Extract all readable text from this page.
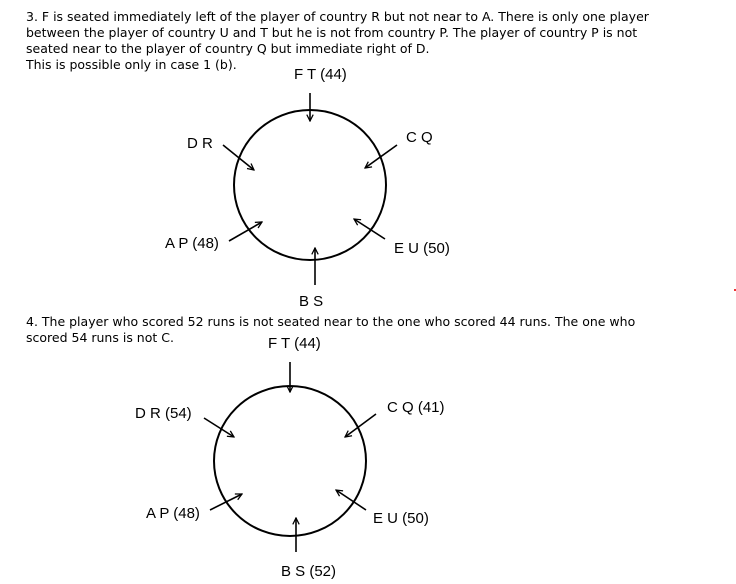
3. F is seated immediately left of the player of country R but not near to A. There is only one player
between the player of country U and T but he is not from country P. The player of country P is not
seated near to the player of country Q but immediate right of D.
This is possible only in case 1 (b).
4. The player who scored 52 runs is not seated near to the one who scored 44 runs. The one who
scored 54 runs is not C.
F T (44)
D R	C Q
A P (48)	E U (50)
B S
F T (44)
D R (54)	C Q (41)
A P (48)	E U (50)
B S (52)
